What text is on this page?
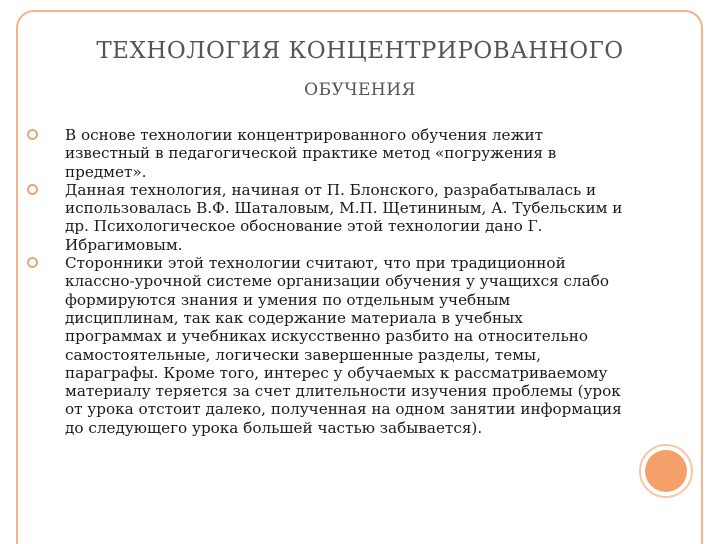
ТЕХНОЛОГИЯ КОНЦЕНТРИРОВАННОГО
ОБУЧЕНИЯ
В основе технологии концентрированного обучения лежит известный в педагогической практике метод «погружения в предмет».
Данная технология, начиная от П. Блонского, разрабатывалась и использовалась В.Ф. Шаталовым, М.П. Щетининым, А. Тубельским и др. Психологическое обоснование этой технологии дано Г. Ибрагимовым.
Сторонники этой технологии считают, что при традиционной классно-урочной системе организации обучения у учащихся слабо формируются знания и умения по отдельным учебным дисциплинам, так как содержание материала в учебных программах и учебниках искусственно разбито на относительно самостоятельные, логически завершенные разделы, темы, параграфы. Кроме того, интерес у обучаемых к рассматриваемому материалу теряется за счет длительности изучения проблемы (урок от урока отстоит далеко, полученная на одном занятии информация до следующего урока большей частью забывается).
